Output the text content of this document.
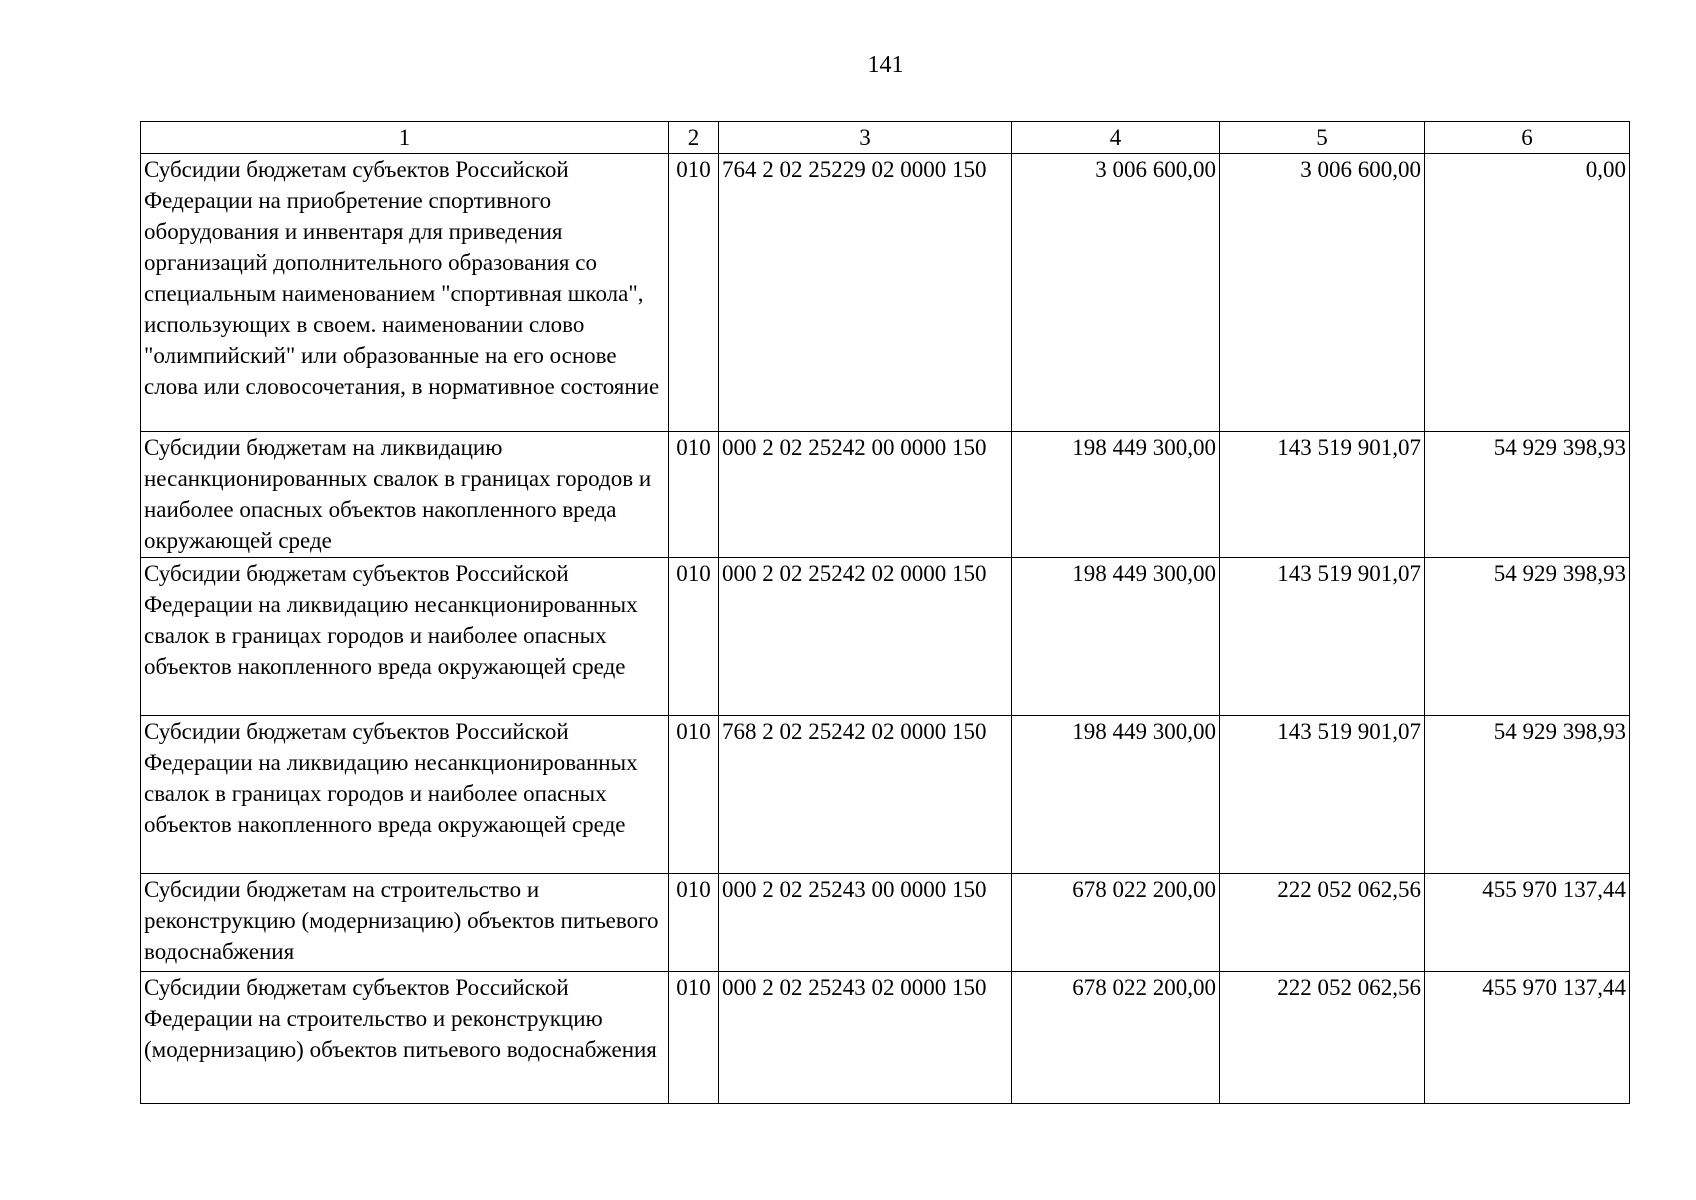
141
1	2	3	4	5	6
Субсидии бюджетам субъектов Российской Федерации на приобретение спортивного оборудования и инвентаря для приведения организаций дополнительного образования со специальным наименованием "спортивная школа", использующих в своем. наименовании слово "олимпийский" или образованные на его основе слова или словосочетания, в нормативное состояние	010	764 2 02 25229 02 0000 150	3 006 600,00	3 006 600,00	0,00
Субсидии бюджетам на ликвидацию несанкционированных свалок в границах городов и наиболее опасных объектов накопленного вреда окружающей среде	010	000 2 02 25242 00 0000 150	198 449 300,00	143 519 901,07	54 929 398,93
Субсидии бюджетам субъектов Российской Федерации на ликвидацию несанкционированных свалок в границах городов и наиболее опасных объектов накопленного вреда окружающей среде	010	000 2 02 25242 02 0000 150	198 449 300,00	143 519 901,07	54 929 398,93
Субсидии бюджетам субъектов Российской Федерации на ликвидацию несанкционированных свалок в границах городов и наиболее опасных объектов накопленного вреда окружающей среде	010	768 2 02 25242 02 0000 150	198 449 300,00	143 519 901,07	54 929 398,93
Субсидии бюджетам на строительство и реконструкцию (модернизацию) объектов питьевого водоснабжения	010	000 2 02 25243 00 0000 150	678 022 200,00	222 052 062,56	455 970 137,44
Субсидии бюджетам субъектов Российской Федерации на строительство и реконструкцию (модернизацию) объектов питьевого водоснабжения	010	000 2 02 25243 02 0000 150	678 022 200,00	222 052 062,56	455 970 137,44
